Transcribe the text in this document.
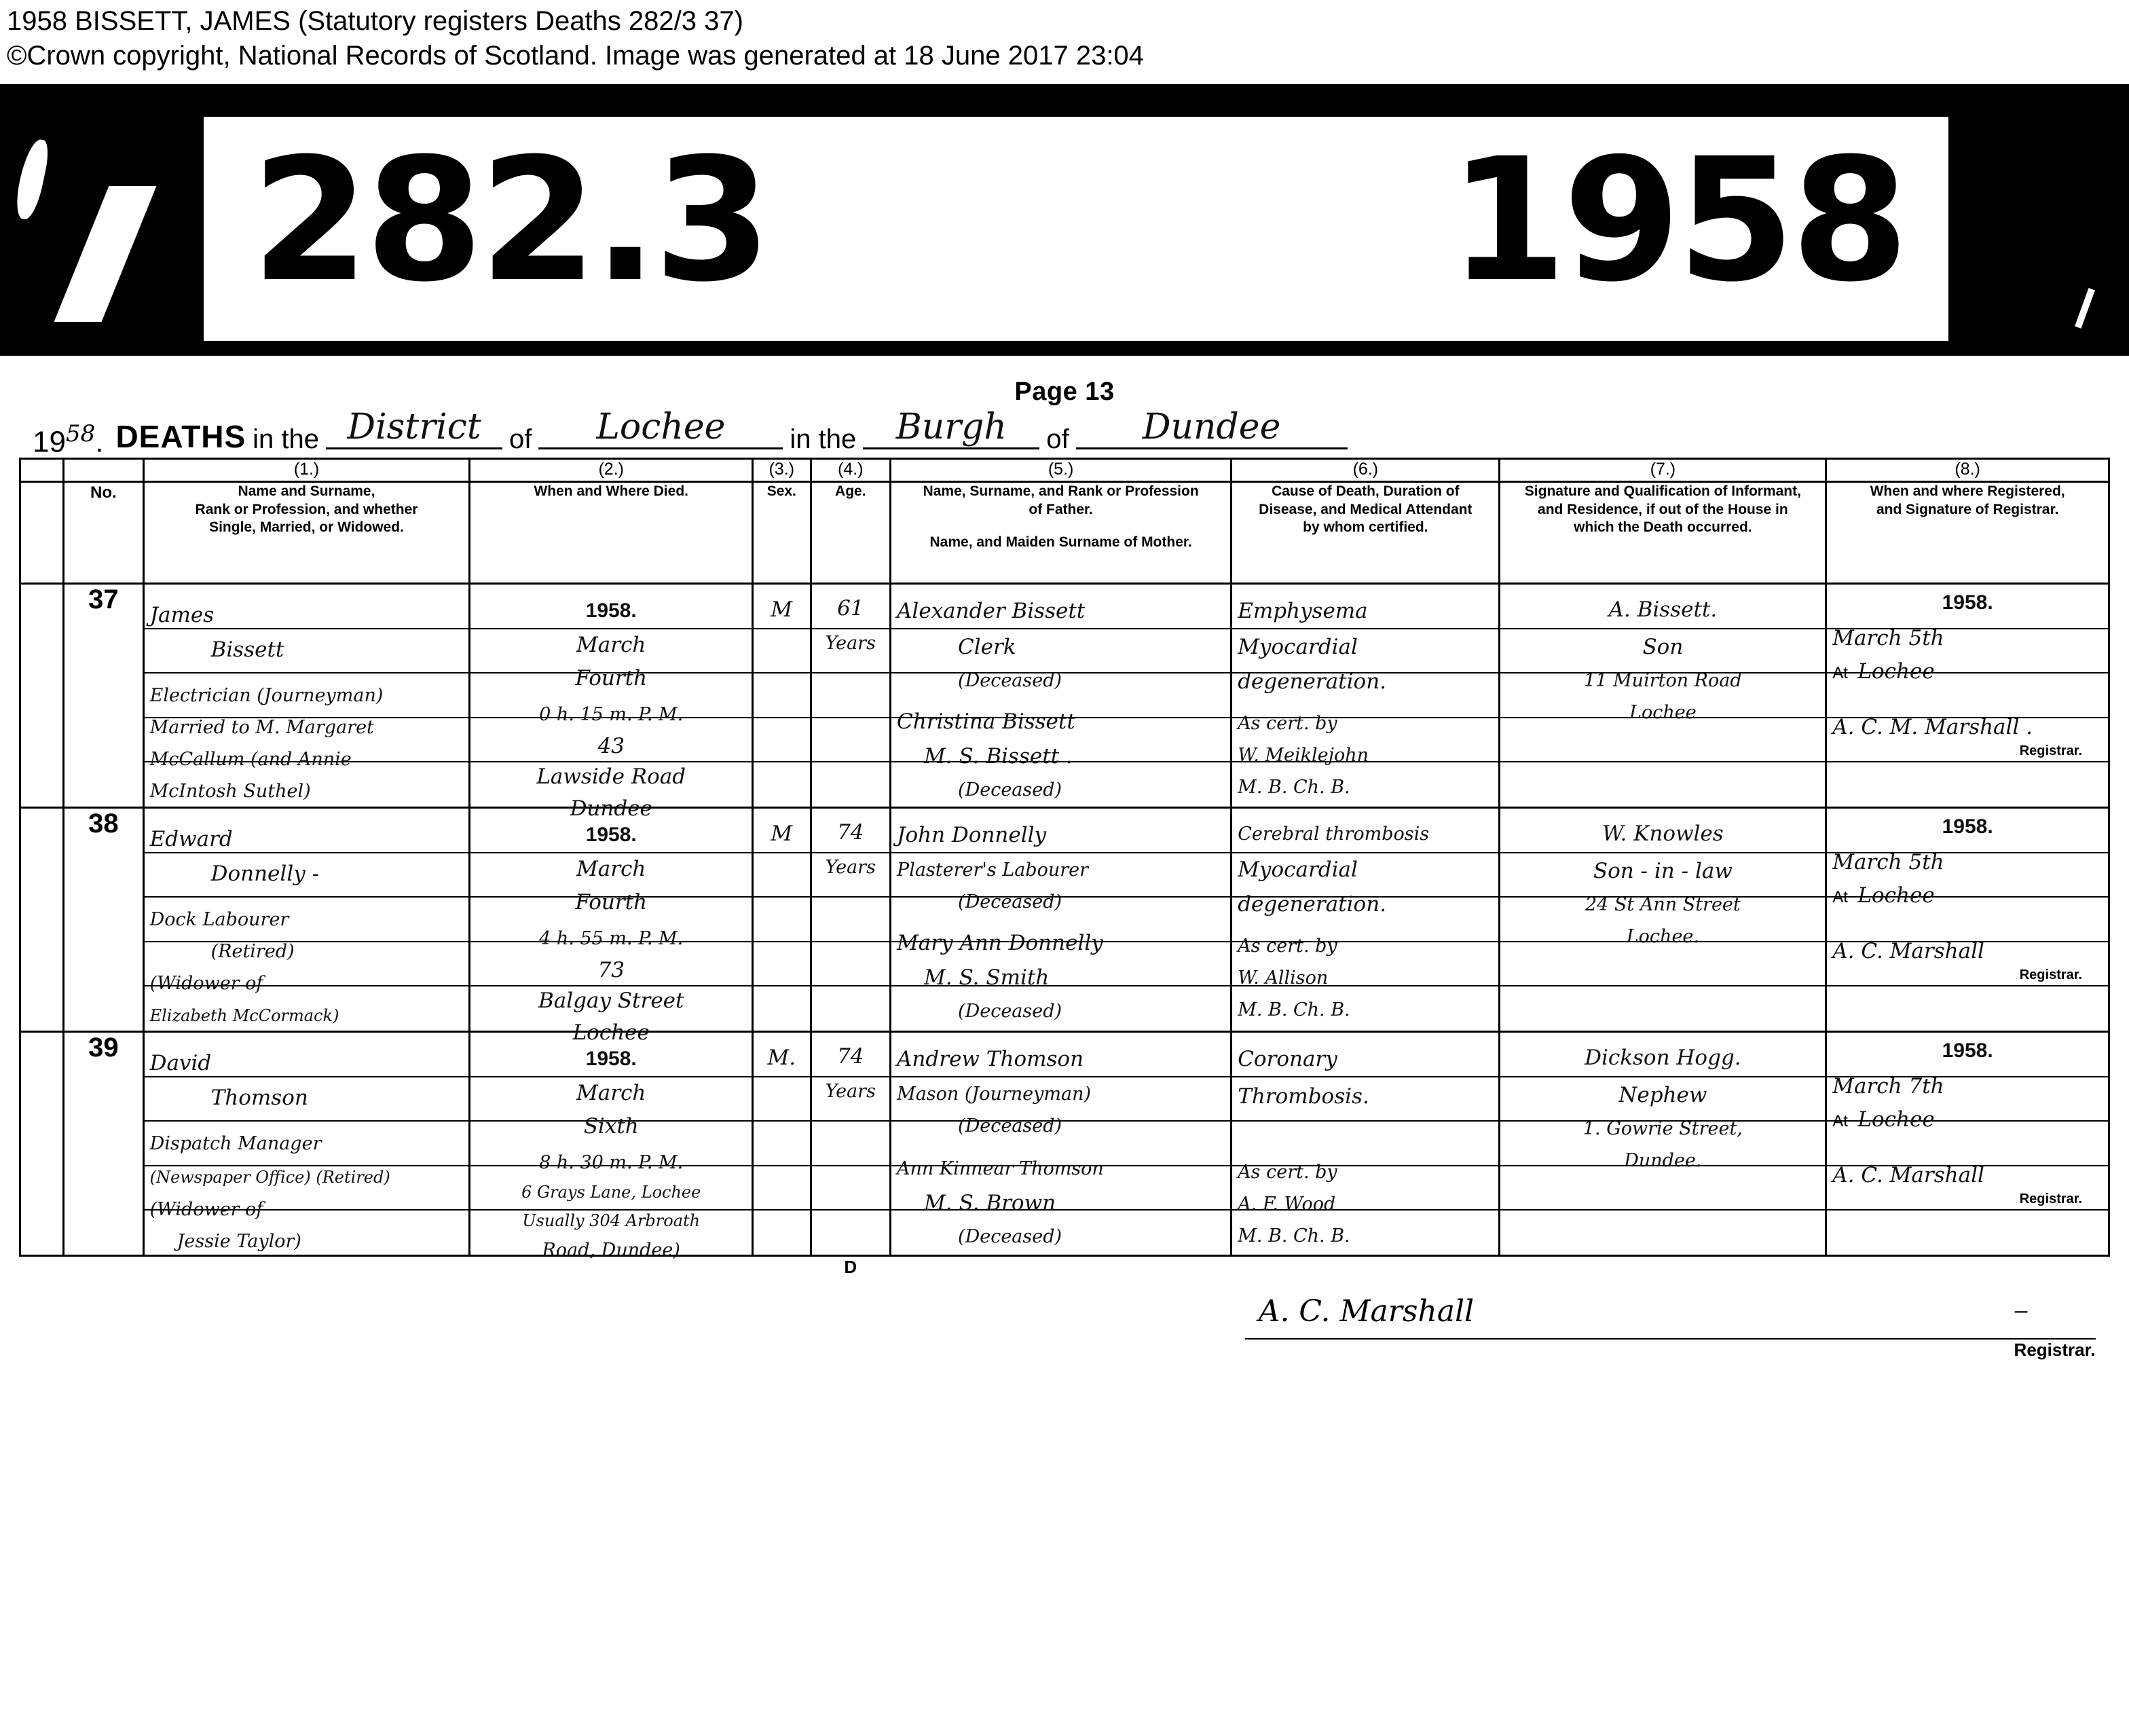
1958 BISSETT, JAMES (Statutory registers Deaths 282/3 37)
©Crown copyright, National Records of Scotland. Image was generated at 18 June 2017 23:04
282.3	1958
Page 13
$19^{58}$. DEATHS in the District	of	Lochee	in the	Burgh	of	Dundee
		(1.)	(2.)	(3.)	(4.)	(5.)	(6.)	(7.)	(8.)
	No.	Name and Surname,
Rank or Profession, and whether
Single, Married, or Widowed.
	When and Where Died.	Sex.	Age.	Name, Surname, and Rank or Profession
of Father.
Name, and Maiden Surname of Mother.

Cause of Death, Duration of
Disease, and Medical Attendant
by whom certified.

Signature and Qualification of Informant,
and Residence, if out of the House in
which the Death occurred.

When and where Registered,
and Signature of Registrar.

	37	
James
Bissett
Electrician (Journeyman)
Married to M. Margaret
McCallum (and Annie
McIntosh Suthel)

1958.
March
Fourth
0 h. 15 m. P. M.
43
Lawside Road
Dundee

M	61
Years

Alexander Bissett
Clerk
(Deceased)
Christina Bissett
M. S. Bissett .
(Deceased)

Emphysema
Myocardial
degeneration.
As cert. by
W. Meiklejohn
M. B. Ch. B.

A. Bissett.
Son
11 Muirton Road
Lochee

1958.
March 5th
At Lochee
A. C. M. Marshall .
Registrar.

	38	
Edward
Donnelly -
Dock Labourer
(Retired)
(Widower of
Elizabeth McCormack)

1958.
March
Fourth
4 h. 55 m. P. M.
73
Balgay Street
Lochee

M	74
Years

John Donnelly
Plasterer's Labourer
(Deceased)
Mary Ann Donnelly
M. S. Smith
(Deceased)

Cerebral thrombosis
Myocardial
degeneration.
As cert. by
W. Allison
M. B. Ch. B.

W. Knowles
Son - in - law
24 St Ann Street
Lochee.

1958.
March 5th
At Lochee
A. C. Marshall
Registrar.

	39	
David
Thomson
Dispatch Manager
(Newspaper Office) (Retired)
(Widower of
Jessie Taylor)

1958.
March
Sixth
8 h. 30 m. P. M.
6 Grays Lane, Lochee
Usually 304 Arbroath
Road, Dundee)

M.	74
Years

Andrew Thomson
Mason (Journeyman)
(Deceased)
Ann Kinnear Thomson
M. S. Brown
(Deceased)

Coronary
Thrombosis.
As cert. by
A. F. Wood
M. B. Ch. B.

Dickson Hogg.
Nephew
1. Gowrie Street,
Dundee.

1958.
March 7th
At Lochee
A. C. Marshall
Registrar.

					D		A. C. Marshall –
Registrar.		
